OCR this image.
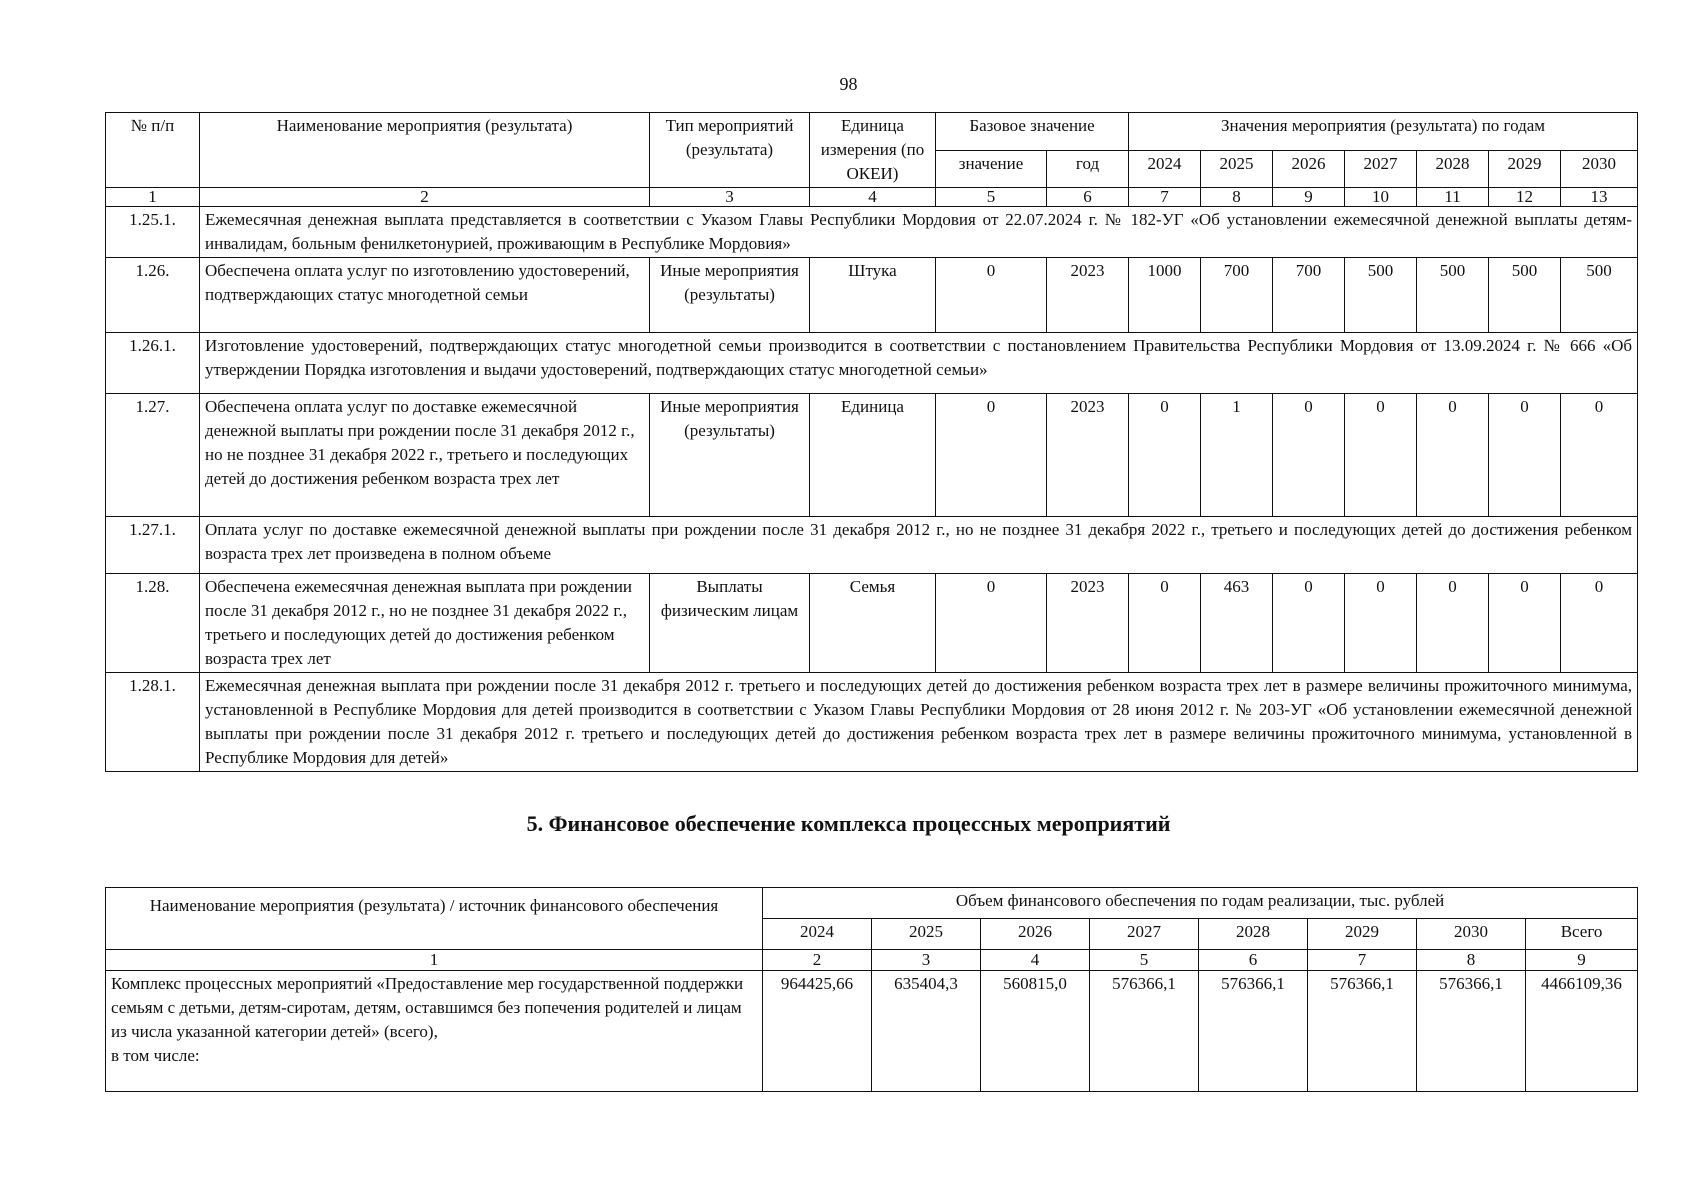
98
№ п/п	Наименование мероприятия (результата)	Тип мероприятий (результата)	Единица измерения (по ОКЕИ)	Базовое значение		Значения мероприятия (результата) по годам						
				значение	год	2024	2025	2026	2027	2028	2029	2030
1	2	3	4	5	6	7	8	9	10	11	12	13
1.25.1.	Ежемесячная денежная выплата представляется в соответствии с Указом Главы Республики Мордовия от 22.07.2024 г. № 182-УГ «Об установлении ежемесячной денежной выплаты детям-инвалидам, больным фенилкетонурией, проживающим в Республике Мордовия»											
1.26.	Обеспечена оплата услуг по изготовлению удостоверений, подтверждающих статус многодетной семьи	Иные мероприятия (результаты)	Штука	0	2023	1000	700	700	500	500	500	500
1.26.1.	Изготовление удостоверений, подтверждающих статус многодетной семьи производится в соответствии с постановлением Правительства Республики Мордовия от 13.09.2024 г. № 666 «Об утверждении Порядка изготовления и выдачи удостоверений, подтверждающих статус многодетной семьи»											
1.27.	Обеспечена оплата услуг по доставке ежемесячной денежной выплаты при рождении после 31 декабря 2012 г., но не позднее 31 декабря 2022 г., третьего и последующих детей до достижения ребенком возраста трех лет	Иные мероприятия (результаты)	Единица	0	2023	0	1	0	0	0	0	0
1.27.1.	Оплата услуг по доставке ежемесячной денежной выплаты при рождении после 31 декабря 2012 г., но не позднее 31 декабря 2022 г., третьего и последующих детей до достижения ребенком возраста трех лет произведена в полном объеме											
1.28.	Обеспечена ежемесячная денежная выплата при рождении после 31 декабря 2012 г., но не позднее 31 декабря 2022 г., третьего и последующих детей до достижения ребенком возраста трех лет	Выплаты физическим лицам	Семья	0	2023	0	463	0	0	0	0	0
1.28.1.	Ежемесячная денежная выплата при рождении после 31 декабря 2012 г. третьего и последующих детей до достижения ребенком возраста трех лет в размере величины прожиточного минимума, установленной в Республике Мордовия для детей производится в соответствии с Указом Главы Республики Мордовия от 28 июня 2012 г. № 203-УГ «Об установлении ежемесячной денежной выплаты при рождении после 31 декабря 2012 г. третьего и последующих детей до достижения ребенком возраста трех лет в размере величины прожиточного минимума, установленной в Республике Мордовия для детей»											
5. Финансовое обеспечение комплекса процессных мероприятий
Наименование мероприятия (результата) / источник финансового обеспечения	Объем финансового обеспечения по годам реализации, тыс. рублей							
	2024	2025	2026	2027	2028	2029	2030	Всего
1	2	3	4	5	6	7	8	9
Комплекс процессных мероприятий «Предоставление мер государственной поддержки семьям с детьми, детям-сиротам, детям, оставшимся без попечения родителей и лицам из числа указанной категории детей» (всего),
в том числе:	964425,66	635404,3	560815,0	576366,1	576366,1	576366,1	576366,1	4466109,36
